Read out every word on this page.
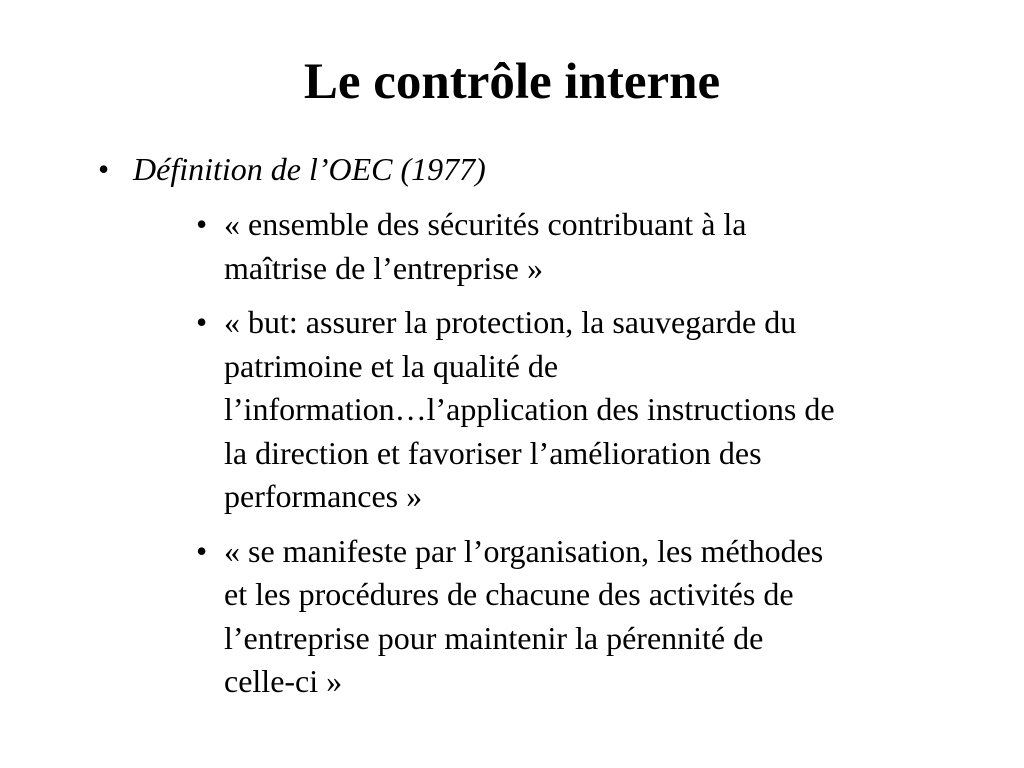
Le contrôle interne
• Définition de l’OEC (1977)
• « ensemble des sécurités contribuant à la
maîtrise de l’entreprise »
• « but: assurer la protection, la sauvegarde du
patrimoine et la qualité de
l’information…l’application des instructions de
la direction et favoriser l’amélioration des
performances »
• « se manifeste par l’organisation, les méthodes
et les procédures de chacune des activités de
l’entreprise pour maintenir la pérennité de
celle-ci »
